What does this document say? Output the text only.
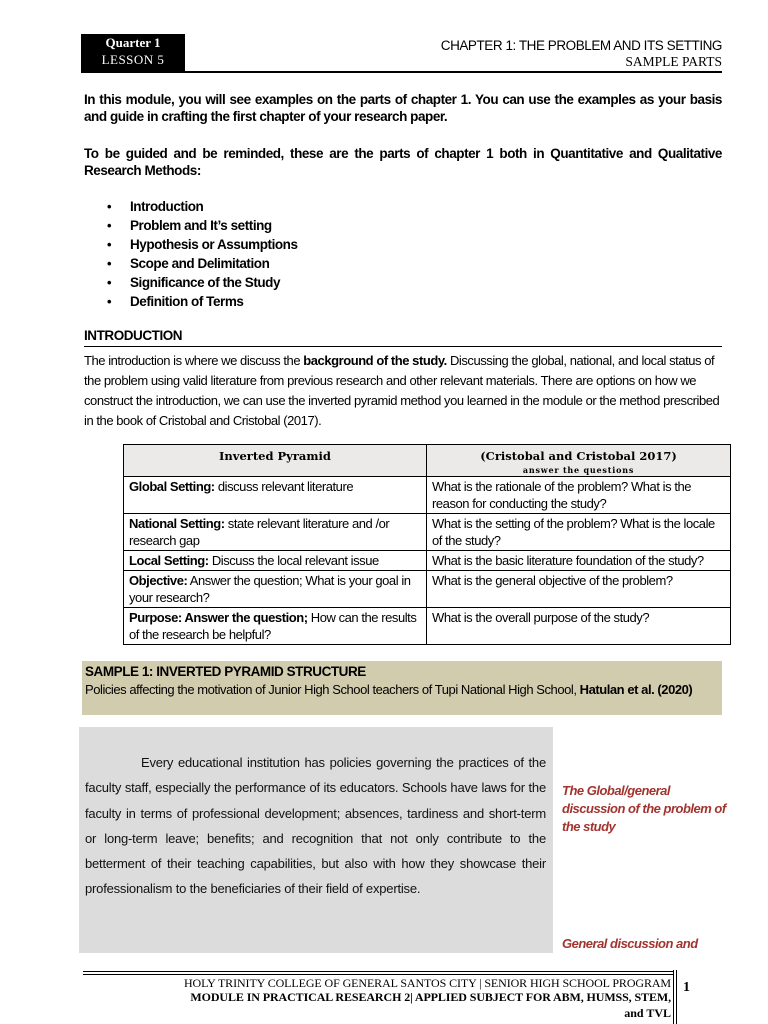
Quarter 1
LESSON 5
CHAPTER 1: THE PROBLEM AND ITS SETTING
SAMPLE PARTS
In this module, you will see examples on the parts of chapter 1. You can use the examples as your basis and guide in crafting the first chapter of your research paper.
To be guided and be reminded, these are the parts of chapter 1 both in Quantitative and Qualitative Research Methods:
• Introduction
• Problem and It’s setting
• Hypothesis or Assumptions
• Scope and Delimitation
• Significance of the Study
• Definition of Terms
INTRODUCTION
The introduction is where we discuss the background of the study. Discussing the global, national, and local status of the problem using valid literature from previous research and other relevant materials. There are options on how we construct the introduction, we can use the inverted pyramid method you learned in the module or the method prescribed in the book of Cristobal and Cristobal (2017).
Inverted Pyramid	(Cristobal and Cristobal 2017)
answer the questions

Global Setting: discuss relevant literature	What is the rationale of the problem? What is the reason for conducting the study?
National Setting: state relevant literature and /or research gap	What is the setting of the problem? What is the locale of the study?
Local Setting: Discuss the local relevant issue	What is the basic literature foundation of the study?
Objective: Answer the question; What is your goal in your research?	What is the general objective of the problem?
Purpose: Answer the question; How can the results of the research be helpful?	What is the overall purpose of the study?
SAMPLE 1: INVERTED PYRAMID STRUCTURE
Policies affecting the motivation of Junior High School teachers of Tupi National High School, Hatulan et al. (2020)
Every educational institution has policies governing the practices of the faculty staff, especially the performance of its educators. Schools have laws for the faculty in terms of professional development; absences, tardiness and short-term or long-term leave; benefits; and recognition that not only contribute to the betterment of their teaching capabilities, but also with how they showcase their professionalism to the beneficiaries of their field of expertise.
The Global/general discussion of the problem of the study
General discussion and
HOLY TRINITY COLLEGE OF GENERAL SANTOS CITY | SENIOR HIGH SCHOOL PROGRAM
MODULE IN PRACTICAL RESEARCH 2| APPLIED SUBJECT FOR ABM, HUMSS, STEM,
and TVL
1
